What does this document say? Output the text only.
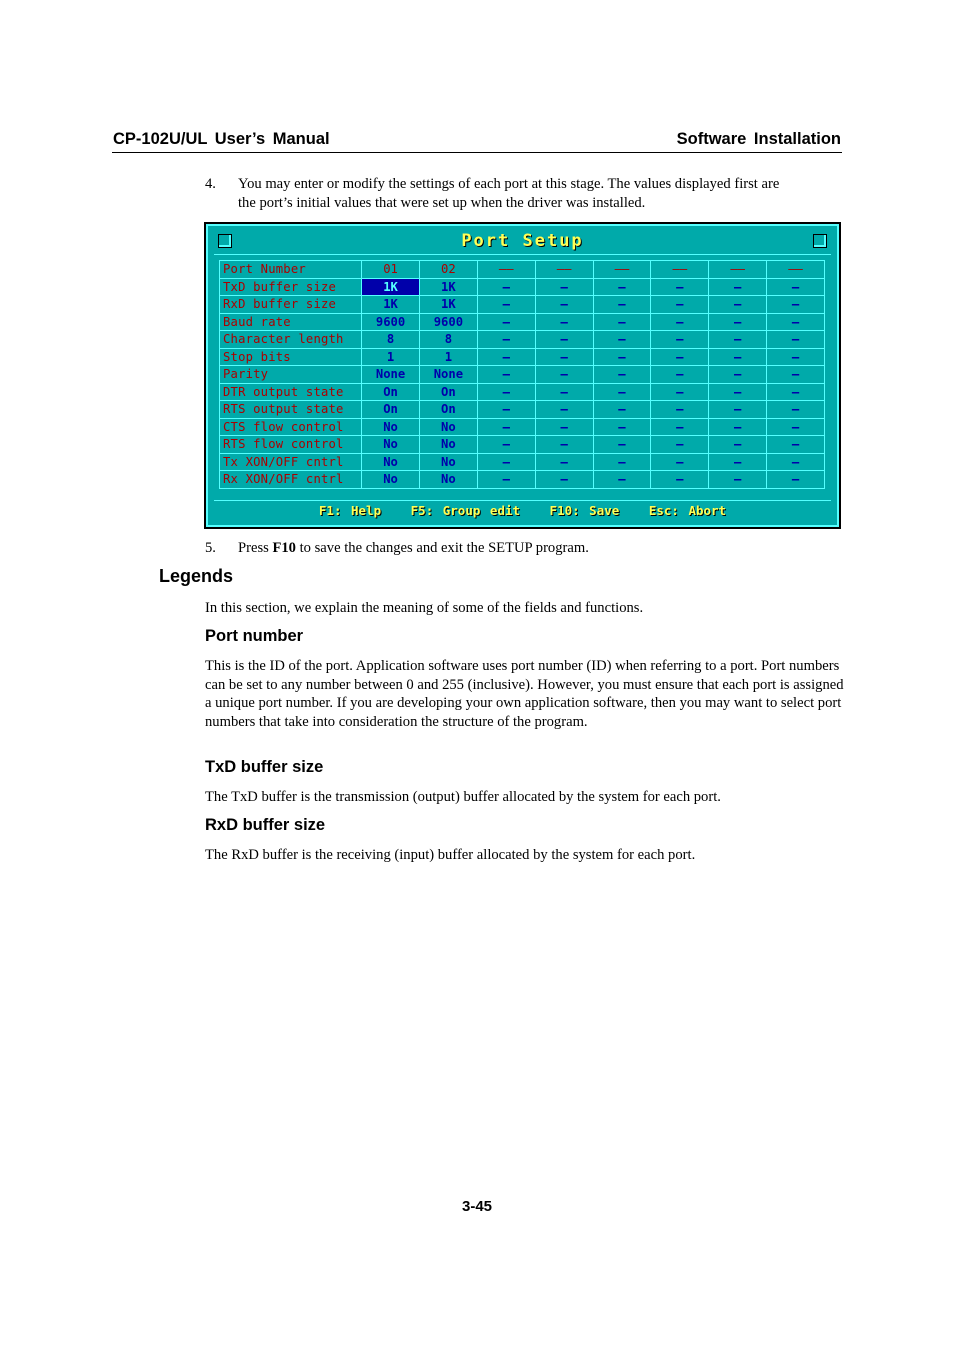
CP-102U/UL User’s Manual	Software Installation
4. You may enter or modify the settings of each port at this stage. The values displayed first are
the port’s initial values that were set up when the driver was installed.
Port Setup
Port Number	01	02	——	——	——	——	——	——
TxD buffer size	1K	1K	–	–	–	–	–	–
RxD buffer size	1K	1K	–	–	–	–	–	–
Baud rate	9600	9600	–	–	–	–	–	–
Character length	8	8	–	–	–	–	–	–
Stop bits	1	1	–	–	–	–	–	–
Parity	None	None	–	–	–	–	–	–
DTR output state	On	On	–	–	–	–	–	–
RTS output state	On	On	–	–	–	–	–	–
CTS flow control	No	No	–	–	–	–	–	–
RTS flow control	No	No	–	–	–	–	–	–
Tx XON/OFF cntrl	No	No	–	–	–	–	–	–
Rx XON/OFF cntrl	No	No	–	–	–	–	–	–
F1: Help F5: Group edit F10: Save Esc: Abort
5. Press F10 to save the changes and exit the SETUP program.
Legends

In this section, we explain the meaning of some of the fields and functions.

Port number

This is the ID of the port. Application software uses port number (ID) when referring to a port. Port numbers can be set to any number between 0 and 255 (inclusive). However, you must ensure that each port is assigned a unique port number. If you are developing your own application software, then you may want to select port numbers that take into consideration the structure of the program.

TxD buffer size

The TxD buffer is the transmission (output) buffer allocated by the system for each port.

RxD buffer size

The RxD buffer is the receiving (input) buffer allocated by the system for each port.

3-45
